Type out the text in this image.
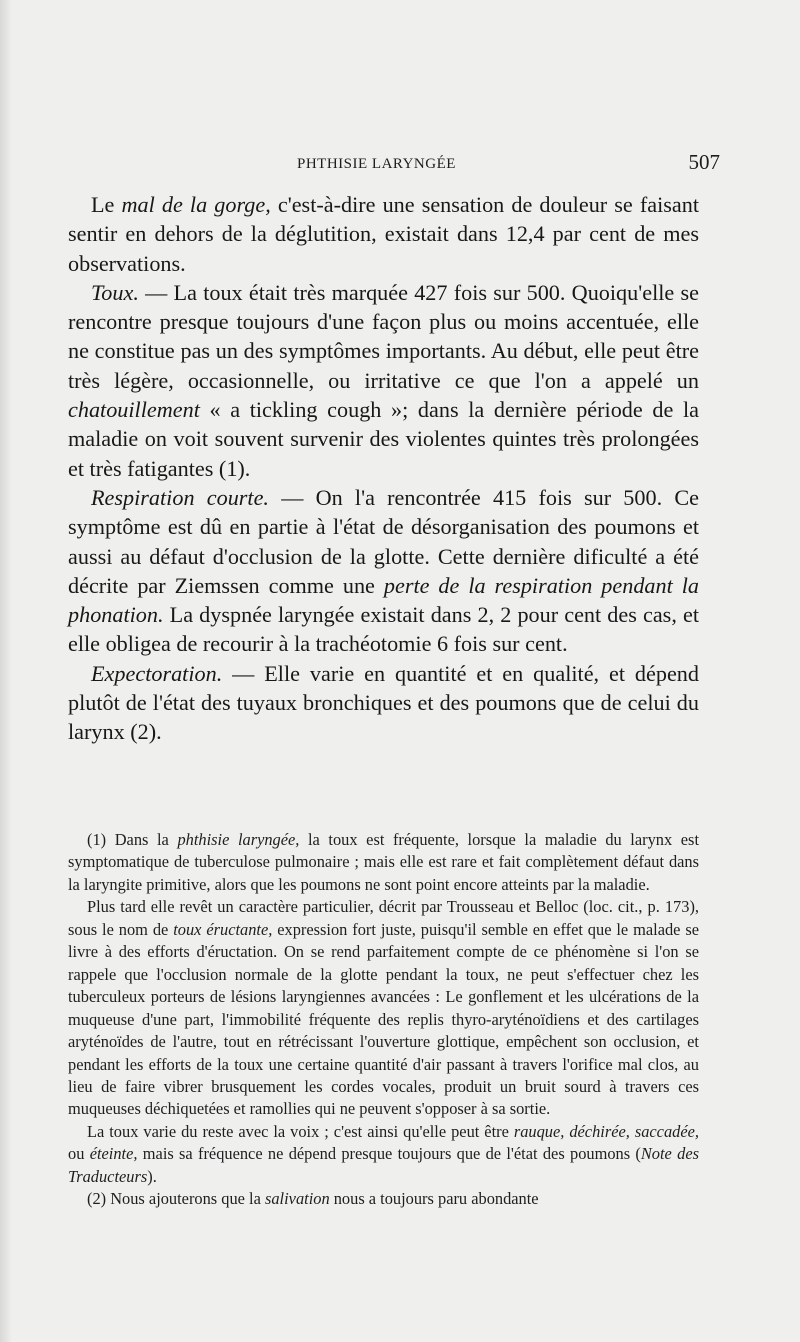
PHTHISIE LARYNGÉE	507

Le mal de la gorge, c'est-à-dire une sensation de douleur se faisant sentir en dehors de la déglutition, existait dans 12,4 par cent de mes observations.

Toux. — La toux était très marquée 427 fois sur 500. Quoiqu'elle se rencontre presque toujours d'une façon plus ou moins accentuée, elle ne constitue pas un des symptômes importants. Au début, elle peut être très légère, occasionnelle, ou irritative ce que l'on a appelé un chatouillement « a tickling cough »; dans la dernière période de la maladie on voit souvent survenir des violentes quintes très prolongées et très fatigantes (1).

Respiration courte. — On l'a rencontrée 415 fois sur 500. Ce symptôme est dû en partie à l'état de désorganisation des poumons et aussi au défaut d'occlusion de la glotte. Cette dernière dificulté a été décrite par Ziemssen comme une perte de la respiration pendant la phonation. La dyspnée laryngée existait dans 2, 2 pour cent des cas, et elle obligea de recourir à la trachéotomie 6 fois sur cent.

Expectoration. — Elle varie en quantité et en qualité, et dépend plutôt de l'état des tuyaux bronchiques et des poumons que de celui du larynx (2).

(1) Dans la phthisie laryngée, la toux est fréquente, lorsque la maladie du larynx est symptomatique de tuberculose pulmonaire ; mais elle est rare et fait complètement défaut dans la laryngite primitive, alors que les poumons ne sont point encore atteints par la maladie.

Plus tard elle revêt un caractère particulier, décrit par Trousseau et Belloc (loc. cit., p. 173), sous le nom de toux éructante, expression fort juste, puisqu'il semble en effet que le malade se livre à des efforts d'éructation. On se rend parfaitement compte de ce phénomène si l'on se rappele que l'occlusion normale de la glotte pendant la toux, ne peut s'effectuer chez les tuberculeux porteurs de lésions laryngiennes avancées : Le gonflement et les ulcérations de la muqueuse d'une part, l'immobilité fréquente des replis thyro-aryténoïdiens et des cartilages aryténoïdes de l'autre, tout en rétrécissant l'ouverture glottique, empêchent son occlusion, et pendant les efforts de la toux une certaine quantité d'air passant à travers l'orifice mal clos, au lieu de faire vibrer brusquement les cordes vocales, produit un bruit sourd à travers ces muqueuses déchiquetées et ramollies qui ne peuvent s'opposer à sa sortie.

La toux varie du reste avec la voix ; c'est ainsi qu'elle peut être rauque, déchirée, saccadée, ou éteinte, mais sa fréquence ne dépend presque toujours que de l'état des poumons (Note des Traducteurs).

(2) Nous ajouterons que la salivation nous a toujours paru abondante
